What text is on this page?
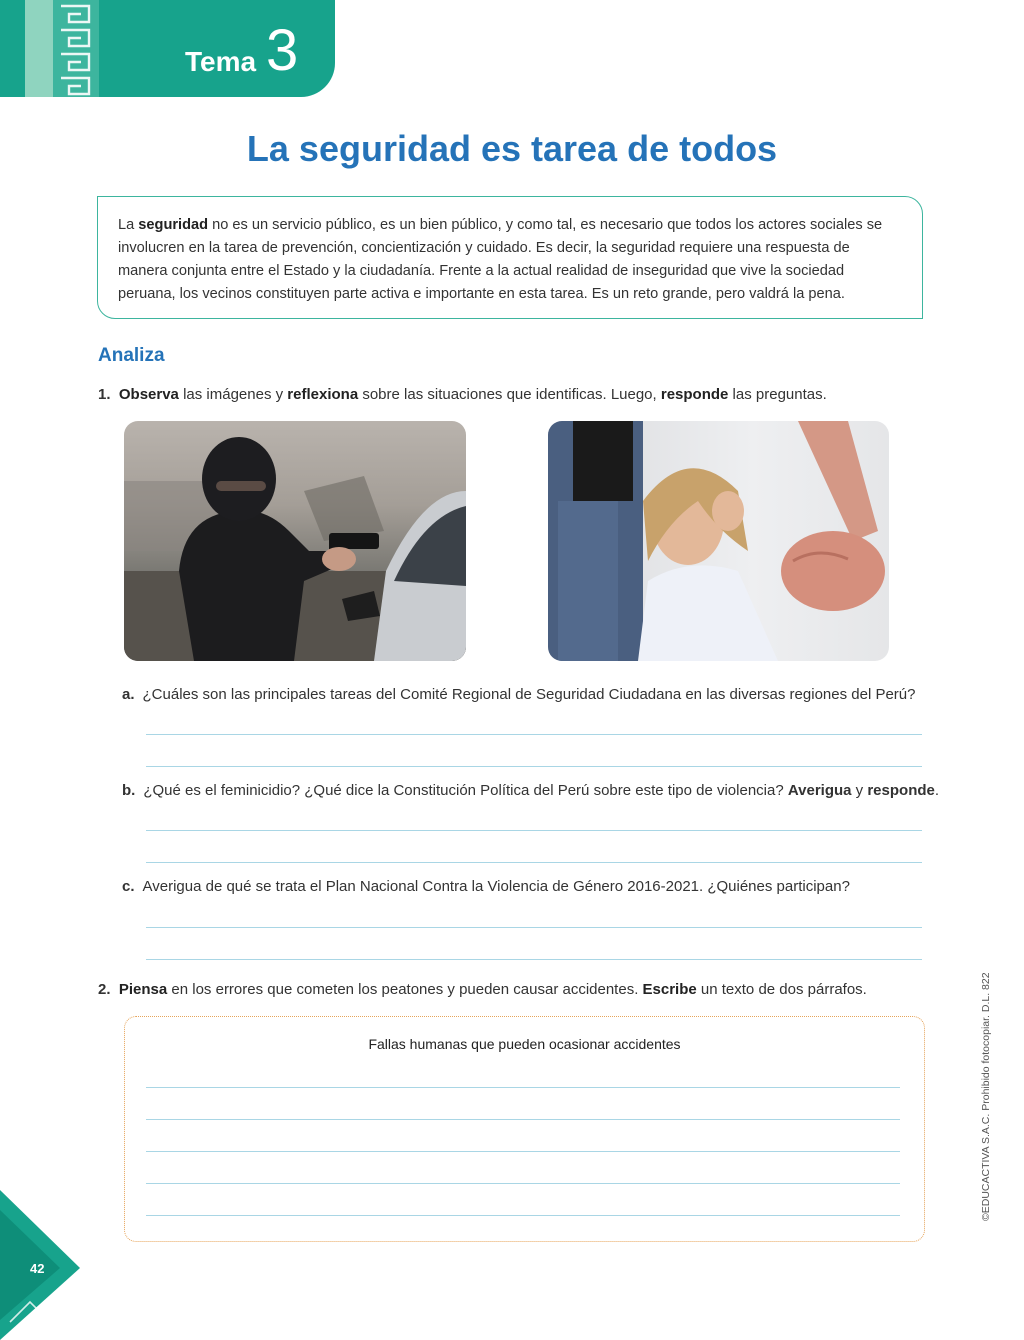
Tema 3
La seguridad es tarea de todos
La seguridad no es un servicio público, es un bien público, y como tal, es necesario que todos los actores sociales se involucren en la tarea de prevención, concientización y cuidado. Es decir, la seguridad requiere una respuesta de manera conjunta entre el Estado y la ciudadanía. Frente a la actual realidad de inseguridad que vive la sociedad peruana, los vecinos constituyen parte activa e importante en esta tarea. Es un reto grande, pero valdrá la pena.
Analiza
1. Observa las imágenes y reflexiona sobre las situaciones que identificas. Luego, responde las preguntas.
a. ¿Cuáles son las principales tareas del Comité Regional de Seguridad Ciudadana en las diversas regiones del Perú?
b. ¿Qué es el feminicidio? ¿Qué dice la Constitución Política del Perú sobre este tipo de violencia? Averigua y responde.
c. Averigua de qué se trata el Plan Nacional Contra la Violencia de Género 2016-2021. ¿Quiénes participan?
2. Piensa en los errores que cometen los peatones y pueden causar accidentes. Escribe un texto de dos párrafos.
Fallas humanas que pueden ocasionar accidentes	©EDUCACTIVA S.A.C. Prohibido fotocopiar. D.L. 822
42
